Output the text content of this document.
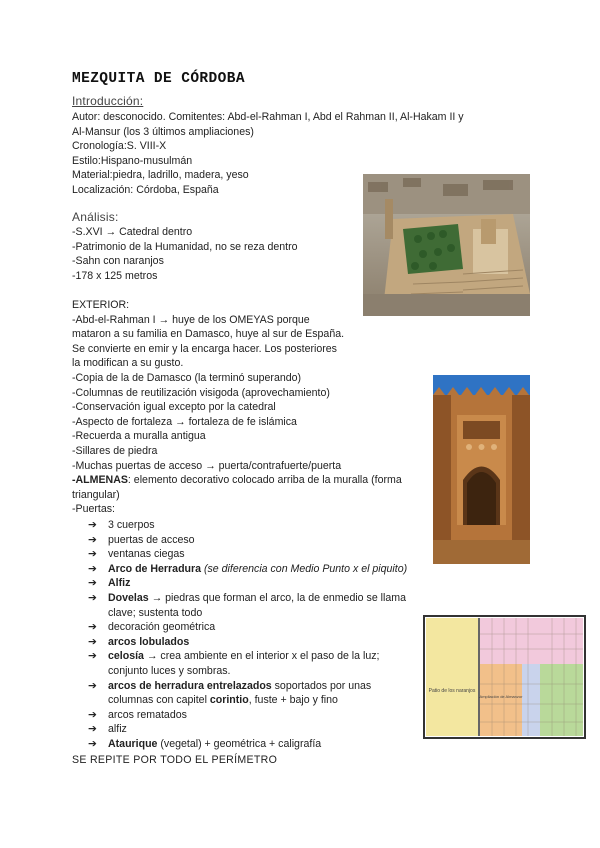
MEZQUITA DE CÓRDOBA
Introducción:
Autor: desconocido. Comitentes: Abd-el-Rahman I, Abd el Rahman II, Al-Hakam II y
Al-Mansur (los 3 últimos ampliaciones)
Cronología:S. VIII-X
Estilo:Hispano-musulmán
Material:piedra, ladrillo, madera, yeso
Localización: Córdoba, España
Análisis:
-S.XVI → Catedral dentro
-Patrimonio de la Humanidad, no se reza dentro
-Sahn con naranjos
-178 x 125 metros
EXTERIOR:
-Abd-el-Rahman I → huye de los OMEYAS porque
mataron a su familia en Damasco, huye al sur de España.
Se convierte en emir y la encarga hacer. Los posteriores
la modifican a su gusto.
-Copia de la de Damasco (la terminó superando)
-Columnas de reutilización visigoda (aprovechamiento)
-Conservación igual excepto por la catedral
-Aspecto de fortaleza → fortaleza de fe islámica
-Recuerda a muralla antigua
-Sillares de piedra
-Muchas puertas de acceso → puerta/contrafuerte/puerta
-ALMENAS: elemento decorativo colocado arriba de la muralla (forma triangular)
-Puertas:
➔ 3 cuerpos
➔ puertas de acceso
➔ ventanas ciegas
➔ Arco de Herradura (se diferencia con Medio Punto x el piquito)
➔ Alfiz
➔ Dovelas → piedras que forman el arco, la de enmedio se llama clave; sustenta todo
➔ decoración geométrica
➔ arcos lobulados
➔ celosía → crea ambiente en el interior x el paso de la luz; conjunto luces y sombras.
➔ arcos de herradura entrelazados soportados por unas columnas con capitel corintio, fuste + bajo y fino
➔ arcos rematados
➔ alfiz
➔ Ataurique (vegetal) + geométrica + caligrafía
SE REPITE POR TODO EL PERÍMETRO
Patio de los naranjos
Ampliación de Almanzor
